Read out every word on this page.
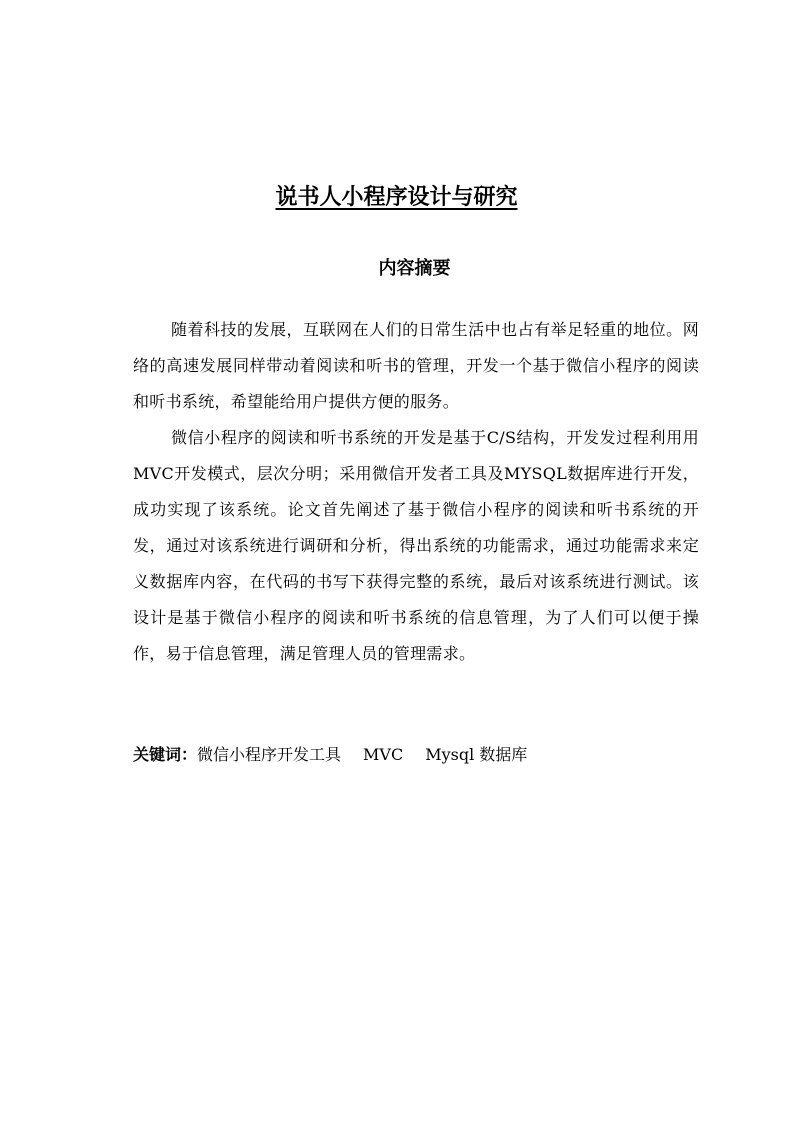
说书人小程序设计与研究
内容摘要

随着科技的发展，互联网在人们的日常生活中也占有举足轻重的地位。网络的高速发展同样带动着阅读和听书的管理，开发一个基于微信小程序的阅读和听书系统，希望能给用户提供方便的服务。

微信小程序的阅读和听书系统的开发是基于C/S结构，开发发过程利用用MVC开发模式，层次分明；采用微信开发者工具及MYSQL数据库进行开发，成功实现了该系统。论文首先阐述了基于微信小程序的阅读和听书系统的开发，通过对该系统进行调研和分析，得出系统的功能需求，通过功能需求来定义数据库内容，在代码的书写下获得完整的系统，最后对该系统进行测试。该设计是基于微信小程序的阅读和听书系统的信息管理，为了人们可以便于操作，易于信息管理，满足管理人员的管理需求。

关键词：微信小程序开发工具 MVC Mysql 数据库
